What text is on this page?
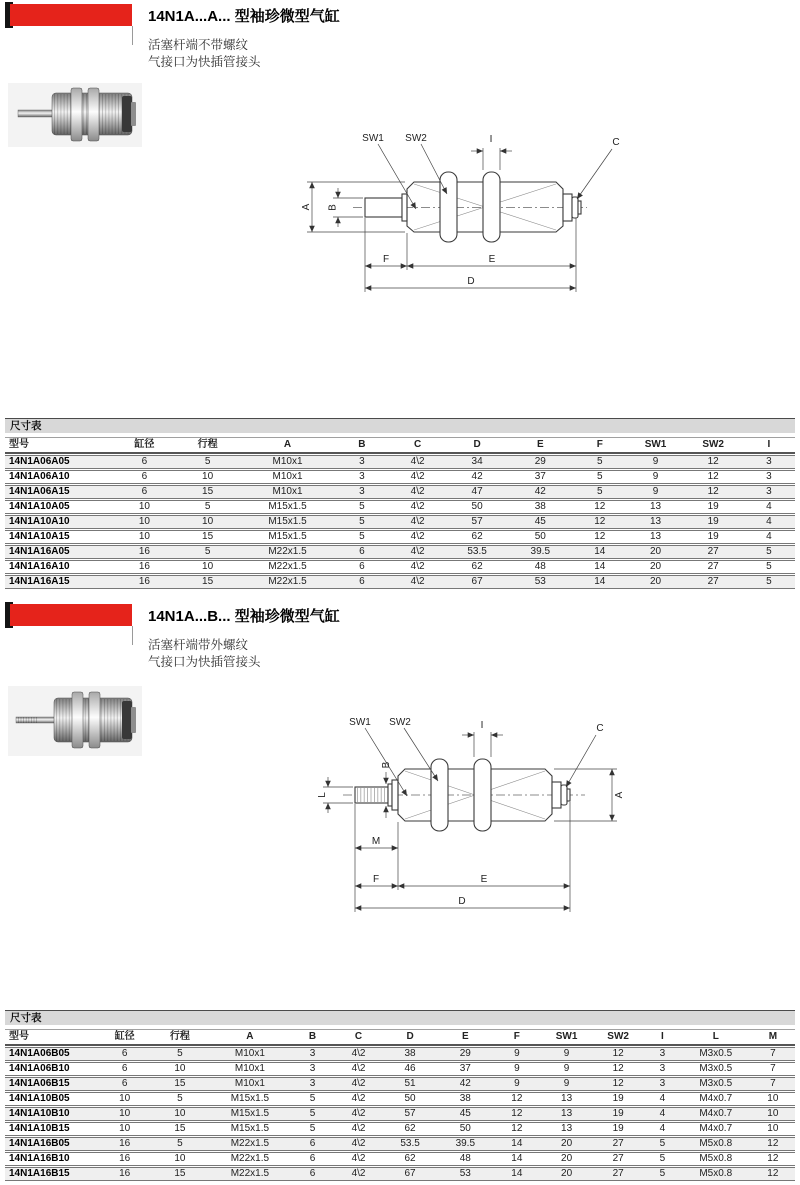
14N1A...A... 型袖珍微型气缸
活塞杆端不带螺纹
气接口为快插管接头
SW1 SW2	I	C
A B
F	E
D
尺寸表
型号	缸径	行程	A	B	C	D	E	F	SW1	SW2	I
14N1A06A05	6	5	M10x1	3	4\2	34	29	5	9	12	3
14N1A06A10	6	10	M10x1	3	4\2	42	37	5	9	12	3
14N1A06A15	6	15	M10x1	3	4\2	47	42	5	9	12	3
14N1A10A05	10	5	M15x1.5	5	4\2	50	38	12	13	19	4
14N1A10A10	10	10	M15x1.5	5	4\2	57	45	12	13	19	4
14N1A10A15	10	15	M15x1.5	5	4\2	62	50	12	13	19	4
14N1A16A05	16	5	M22x1.5	6	4\2	53.5	39.5	14	20	27	5
14N1A16A10	16	10	M22x1.5	6	4\2	62	48	14	20	27	5
14N1A16A15	16	15	M22x1.5	6	4\2	67	53	14	20	27	5
14N1A...B... 型袖珍微型气缸
活塞杆端带外螺纹
气接口为快插管接头
SW1 SW2	I	C
L
B
A
M
F	E
D
尺寸表
型号	缸径	行程	A	B	C	D	E	F	SW1	SW2	I	L	M
14N1A06B05	6	5	M10x1	3	4\2	38	29	9	9	12	3	M3x0.5	7
14N1A06B10	6	10	M10x1	3	4\2	46	37	9	9	12	3	M3x0.5	7
14N1A06B15	6	15	M10x1	3	4\2	51	42	9	9	12	3	M3x0.5	7
14N1A10B05	10	5	M15x1.5	5	4\2	50	38	12	13	19	4	M4x0.7	10
14N1A10B10	10	10	M15x1.5	5	4\2	57	45	12	13	19	4	M4x0.7	10
14N1A10B15	10	15	M15x1.5	5	4\2	62	50	12	13	19	4	M4x0.7	10
14N1A16B05	16	5	M22x1.5	6	4\2	53.5	39.5	14	20	27	5	M5x0.8	12
14N1A16B10	16	10	M22x1.5	6	4\2	62	48	14	20	27	5	M5x0.8	12
14N1A16B15	16	15	M22x1.5	6	4\2	67	53	14	20	27	5	M5x0.8	12
